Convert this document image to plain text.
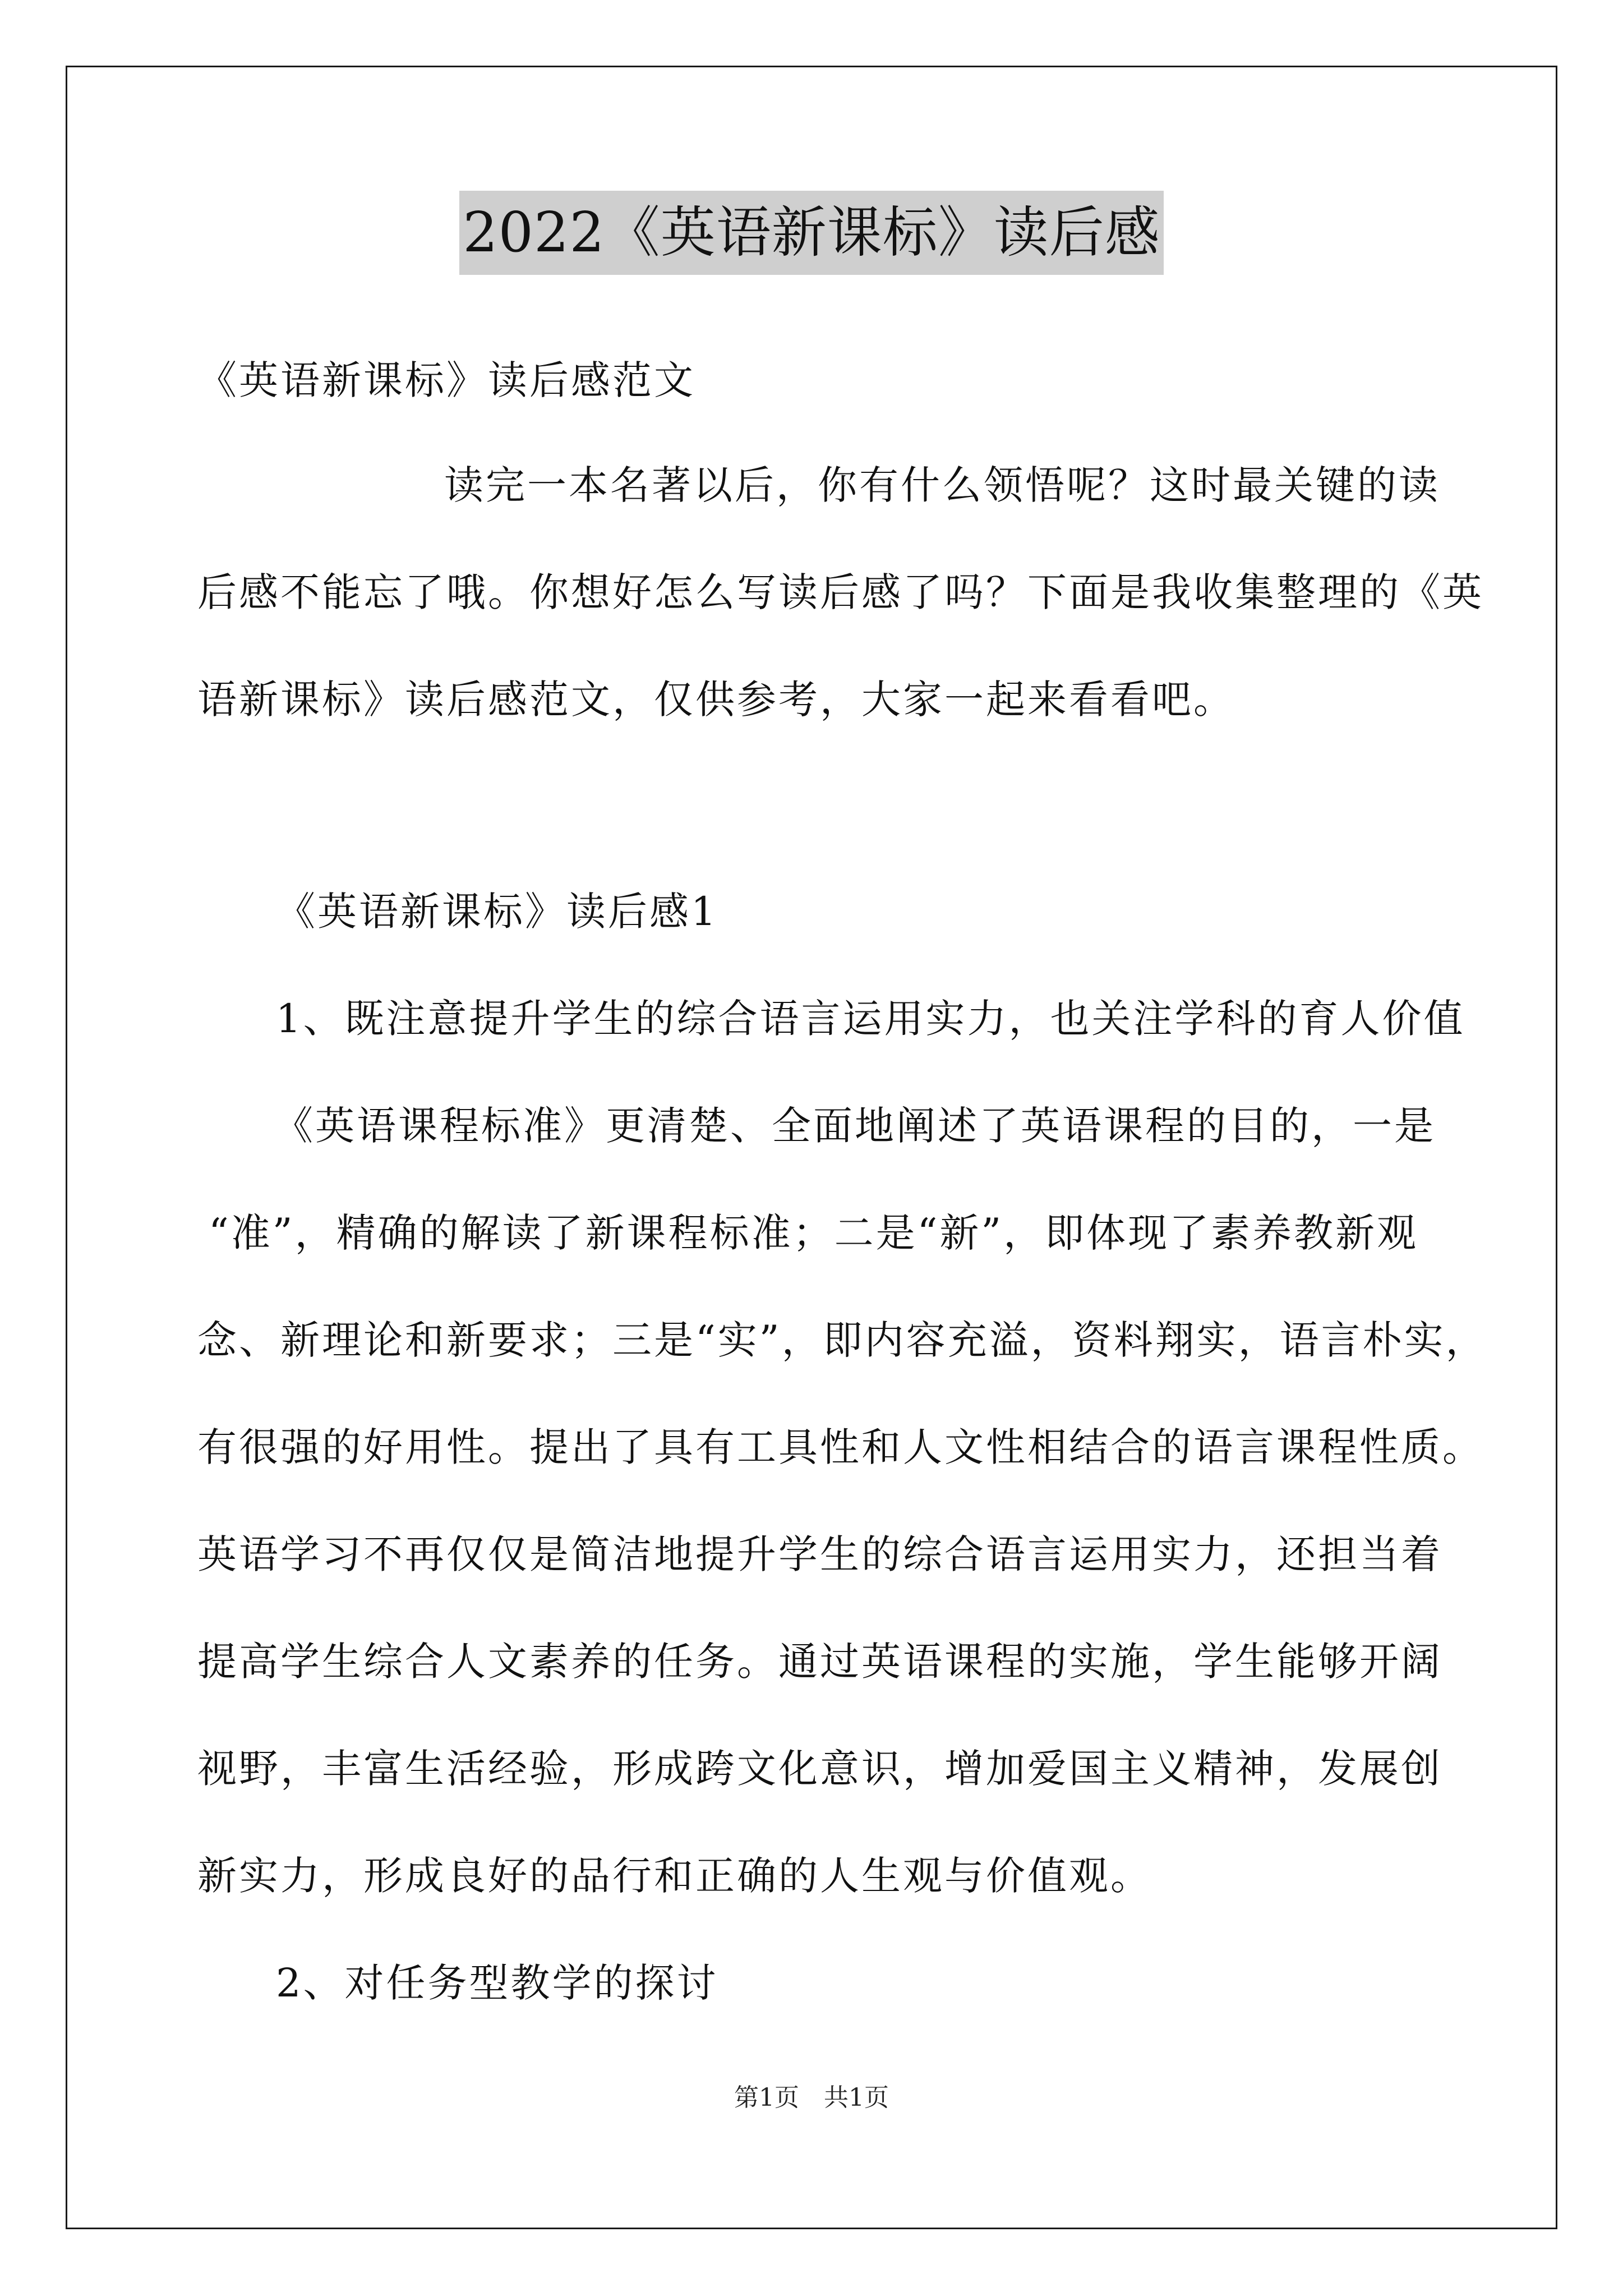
2022《英语新课标》读后感
《英语新课标》读后感范文
读完一本名著以后，你有什么领悟呢？这时最关键的读
后感不能忘了哦。你想好怎么写读后感了吗？下面是我收集整理的《英
语新课标》读后感范文，仅供参考，大家一起来看看吧。
《英语新课标》读后感1
1、既注意提升学生的综合语言运用实力，也关注学科的育人价值
《英语课程标准》更清楚、全面地阐述了英语课程的目的，一是
“准”，精确的解读了新课程标准；二是“新”，即体现了素养教新观
念、新理论和新要求；三是“实”，即内容充溢，资料翔实，语言朴实，
有很强的好用性。提出了具有工具性和人文性相结合的语言课程性质。
英语学习不再仅仅是简洁地提升学生的综合语言运用实力，还担当着
提高学生综合人文素养的任务。通过英语课程的实施，学生能够开阔
视野，丰富生活经验，形成跨文化意识，增加爱国主义精神，发展创
新实力，形成良好的品行和正确的人生观与价值观。
2、对任务型教学的探讨
第1页　共1页
